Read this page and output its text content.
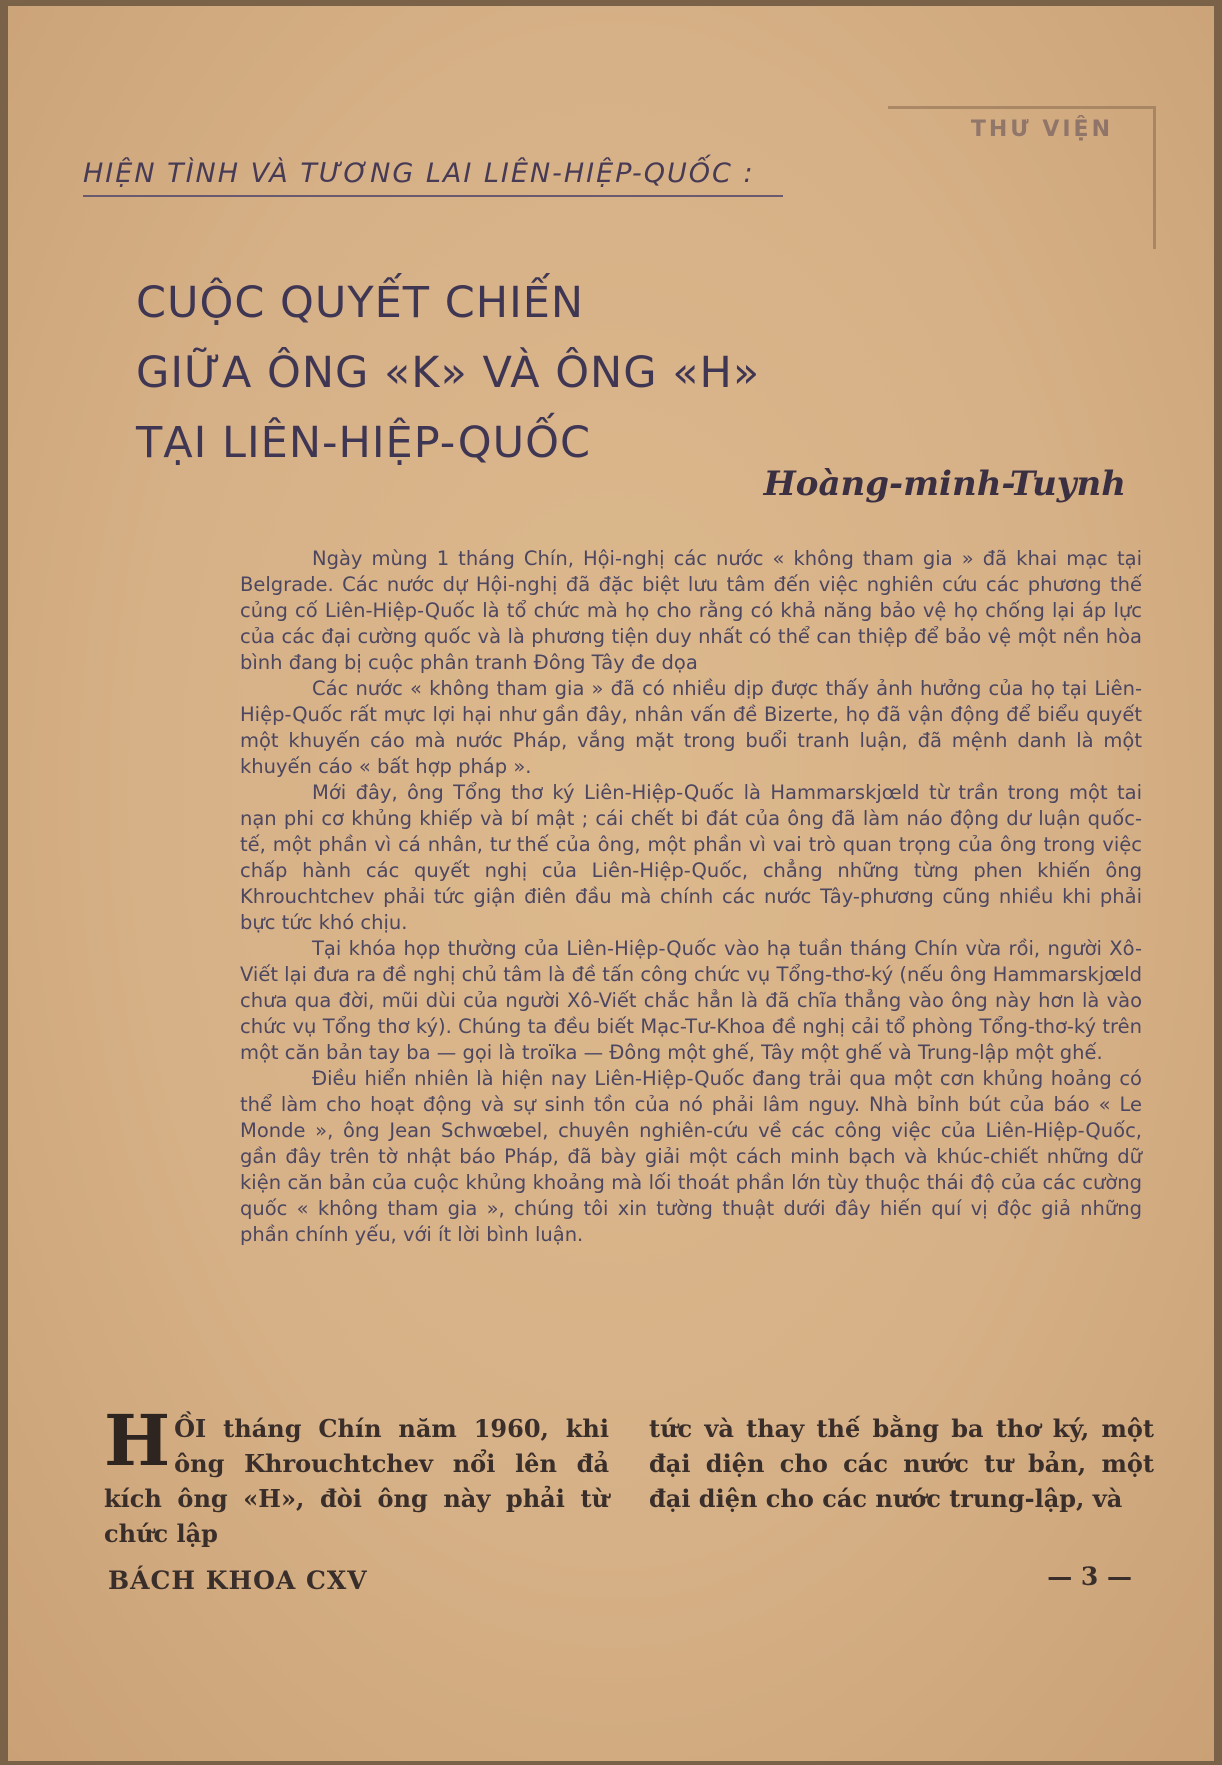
THƯ VIỆN
HIỆN TÌNH VÀ TƯƠNG LAI LIÊN-HIỆP-QUỐC :
CUỘC QUYẾT CHIẾN
GIỮA ÔNG «K» VÀ ÔNG «H»
TẠI LIÊN-HIỆP-QUỐC
Hoàng-minh-Tuynh

Ngày mùng 1 tháng Chín, Hội-nghị các nước « không tham gia » đã khai mạc tại Belgrade. Các nước dự Hội-nghị đã đặc biệt lưu tâm đến việc nghiên cứu các phương thế củng cố Liên-Hiệp-Quốc là tổ chức mà họ cho rằng có khả năng bảo vệ họ chống lại áp lực của các đại cường quốc và là phương tiện duy nhất có thể can thiệp để bảo vệ một nền hòa bình đang bị cuộc phân tranh Đông Tây đe dọa

Các nước « không tham gia » đã có nhiều dịp được thấy ảnh hưởng của họ tại Liên-Hiệp-Quốc rất mực lợi hại như gần đây, nhân vấn đề Bizerte, họ đã vận động để biểu quyết một khuyến cáo mà nước Pháp, vắng mặt trong buổi tranh luận, đã mệnh danh là một khuyến cáo « bất hợp pháp ».

Mới đây, ông Tổng thơ ký Liên-Hiệp-Quốc là Hammarskjœld từ trần trong một tai nạn phi cơ khủng khiếp và bí mật ; cái chết bi đát của ông đã làm náo động dư luận quốc-tế, một phần vì cá nhân, tư thế của ông, một phần vì vai trò quan trọng của ông trong việc chấp hành các quyết nghị của Liên-Hiệp-Quốc, chẳng những từng phen khiến ông Khrouchtchev phải tức giận điên đầu mà chính các nước Tây-phương cũng nhiều khi phải bực tức khó chịu.

Tại khóa họp thường của Liên-Hiệp-Quốc vào hạ tuần tháng Chín vừa rồi, người Xô-Viết lại đưa ra đề nghị chủ tâm là đề tấn công chức vụ Tổng-thơ-ký (nếu ông Hammarskjœld chưa qua đời, mũi dùi của người Xô-Viết chắc hẳn là đã chĩa thẳng vào ông này hơn là vào chức vụ Tổng thơ ký). Chúng ta đều biết Mạc-Tư-Khoa đề nghị cải tổ phòng Tổng-thơ-ký trên một căn bản tay ba — gọi là troïka — Đông một ghế, Tây một ghế và Trung-lập một ghế.

Điều hiển nhiên là hiện nay Liên-Hiệp-Quốc đang trải qua một cơn khủng hoảng có thể làm cho hoạt động và sự sinh tồn của nó phải lâm nguy. Nhà bỉnh bút của báo « Le Monde », ông Jean Schwœbel, chuyên nghiên-cứu về các công việc của Liên-Hiệp-Quốc, gần đây trên tờ nhật báo Pháp, đã bày giải một cách minh bạch và khúc-chiết những dữ kiện căn bản của cuộc khủng khoảng mà lối thoát phần lớn tùy thuộc thái độ của các cường quốc « không tham gia », chúng tôi xin tường thuật dưới đây hiến quí vị độc giả những phần chính yếu, với ít lời bình luận.

H ỒI tháng Chín năm 1960, khi ông Khrouchtchev nổi lên đả kích ông «H», đòi ông này phải từ chức lập
tức và thay thế bằng ba thơ ký, một đại diện cho các nước tư bản, một đại diện cho các nước trung-lập, và
BÁCH KHOA CXV	— 3 —
